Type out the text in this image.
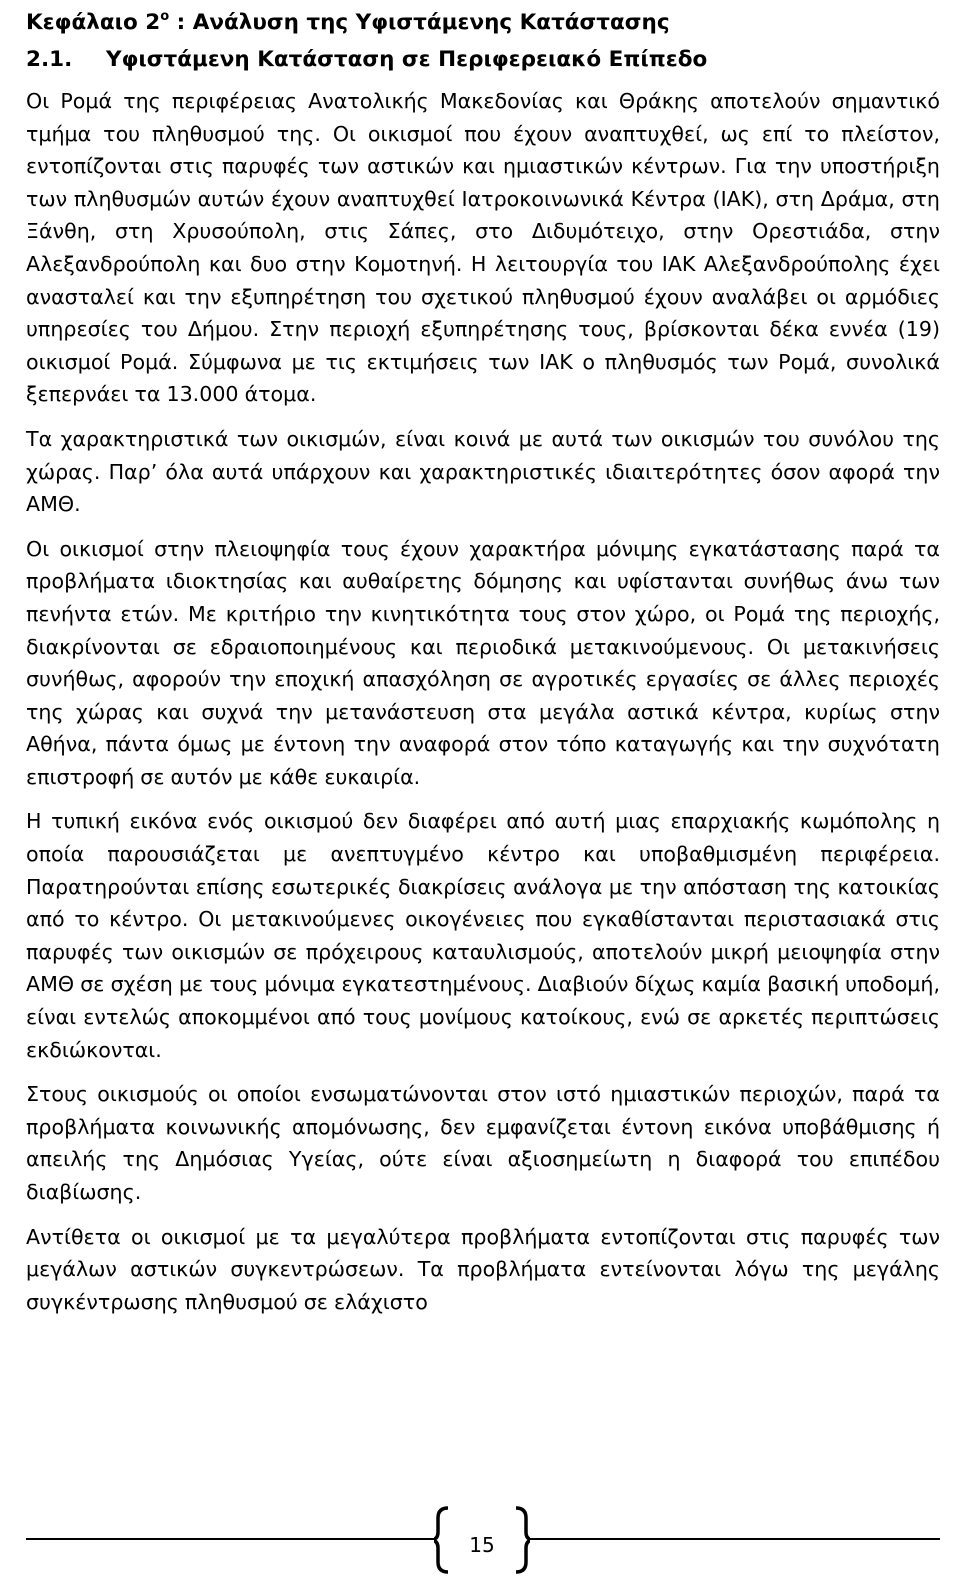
Κεφάλαιο $2^o$ : Ανάλυση της Υφιστάμενης Κατάστασης
2.1. Υφιστάμενη Κατάσταση σε Περιφερειακό Επίπεδο

Οι Ρομά της περιφέρειας Ανατολικής Μακεδονίας και Θράκης αποτελούν σημαντικό τμήμα του πληθυσμού της. Οι οικισμοί που έχουν αναπτυχθεί, ως επί το πλείστον, εντοπίζονται στις παρυφές των αστικών και ημιαστικών κέντρων. Για την υποστήριξη των πληθυσμών αυτών έχουν αναπτυχθεί Ιατροκοινωνικά Κέντρα (ΙΑΚ), στη Δράμα, στη Ξάνθη, στη Χρυσούπολη, στις Σάπες, στο Διδυμότειχο, στην Ορεστιάδα, στην Αλεξανδρούπολη και δυο στην Κομοτηνή. Η λειτουργία του ΙΑΚ Αλεξανδρούπολης έχει ανασταλεί και την εξυπηρέτηση του σχετικού πληθυσμού έχουν αναλάβει οι αρμόδιες υπηρεσίες του Δήμου. Στην περιοχή εξυπηρέτησης τους, βρίσκονται δέκα εννέα (19) οικισμοί Ρομά. Σύμφωνα με τις εκτιμήσεις των ΙΑΚ ο πληθυσμός των Ρομά, συνολικά ξεπερνάει τα 13.000 άτομα.

Τα χαρακτηριστικά των οικισμών, είναι κοινά με αυτά των οικισμών του συνόλου της χώρας. Παρ’ όλα αυτά υπάρχουν και χαρακτηριστικές ιδιαιτερότητες όσον αφορά την ΑΜΘ.

Οι οικισμοί στην πλειοψηφία τους έχουν χαρακτήρα μόνιμης εγκατάστασης παρά τα προβλήματα ιδιοκτησίας και αυθαίρετης δόμησης και υφίστανται συνήθως άνω των πενήντα ετών. Με κριτήριο την κινητικότητα τους στον χώρο, οι Ρομά της περιοχής, διακρίνονται σε εδραιοποιημένους και περιοδικά μετακινούμενους. Οι μετακινήσεις συνήθως, αφορούν την εποχική απασχόληση σε αγροτικές εργασίες σε άλλες περιοχές της χώρας και συχνά την μετανάστευση στα μεγάλα αστικά κέντρα, κυρίως στην Αθήνα, πάντα όμως με έντονη την αναφορά στον τόπο καταγωγής και την συχνότατη επιστροφή σε αυτόν με κάθε ευκαιρία.

Η τυπική εικόνα ενός οικισμού δεν διαφέρει από αυτή μιας επαρχιακής κωμόπολης η οποία παρουσιάζεται με ανεπτυγμένο κέντρο και υποβαθμισμένη περιφέρεια. Παρατηρούνται επίσης εσωτερικές διακρίσεις ανάλογα με την απόσταση της κατοικίας από το κέντρο. Οι μετακινούμενες οικογένειες που εγκαθίστανται περιστασιακά στις παρυφές των οικισμών σε πρόχειρους καταυλισμούς, αποτελούν μικρή μειοψηφία στην ΑΜΘ σε σχέση με τους μόνιμα εγκατεστημένους. Διαβιούν δίχως καμία βασική υποδομή, είναι εντελώς αποκομμένοι από τους μονίμους κατοίκους, ενώ σε αρκετές περιπτώσεις εκδιώκονται.

Στους οικισμούς οι οποίοι ενσωματώνονται στον ιστό ημιαστικών περιοχών, παρά τα προβλήματα κοινωνικής απομόνωσης, δεν εμφανίζεται έντονη εικόνα υποβάθμισης ή απειλής της Δημόσιας Υγείας, ούτε είναι αξιοσημείωτη η διαφορά του επιπέδου διαβίωσης.

Αντίθετα οι οικισμοί με τα μεγαλύτερα προβλήματα εντοπίζονται στις παρυφές των μεγάλων αστικών συγκεντρώσεων. Τα προβλήματα εντείνονται λόγω της μεγάλης συγκέντρωσης πληθυσμού σε ελάχιστο

15
